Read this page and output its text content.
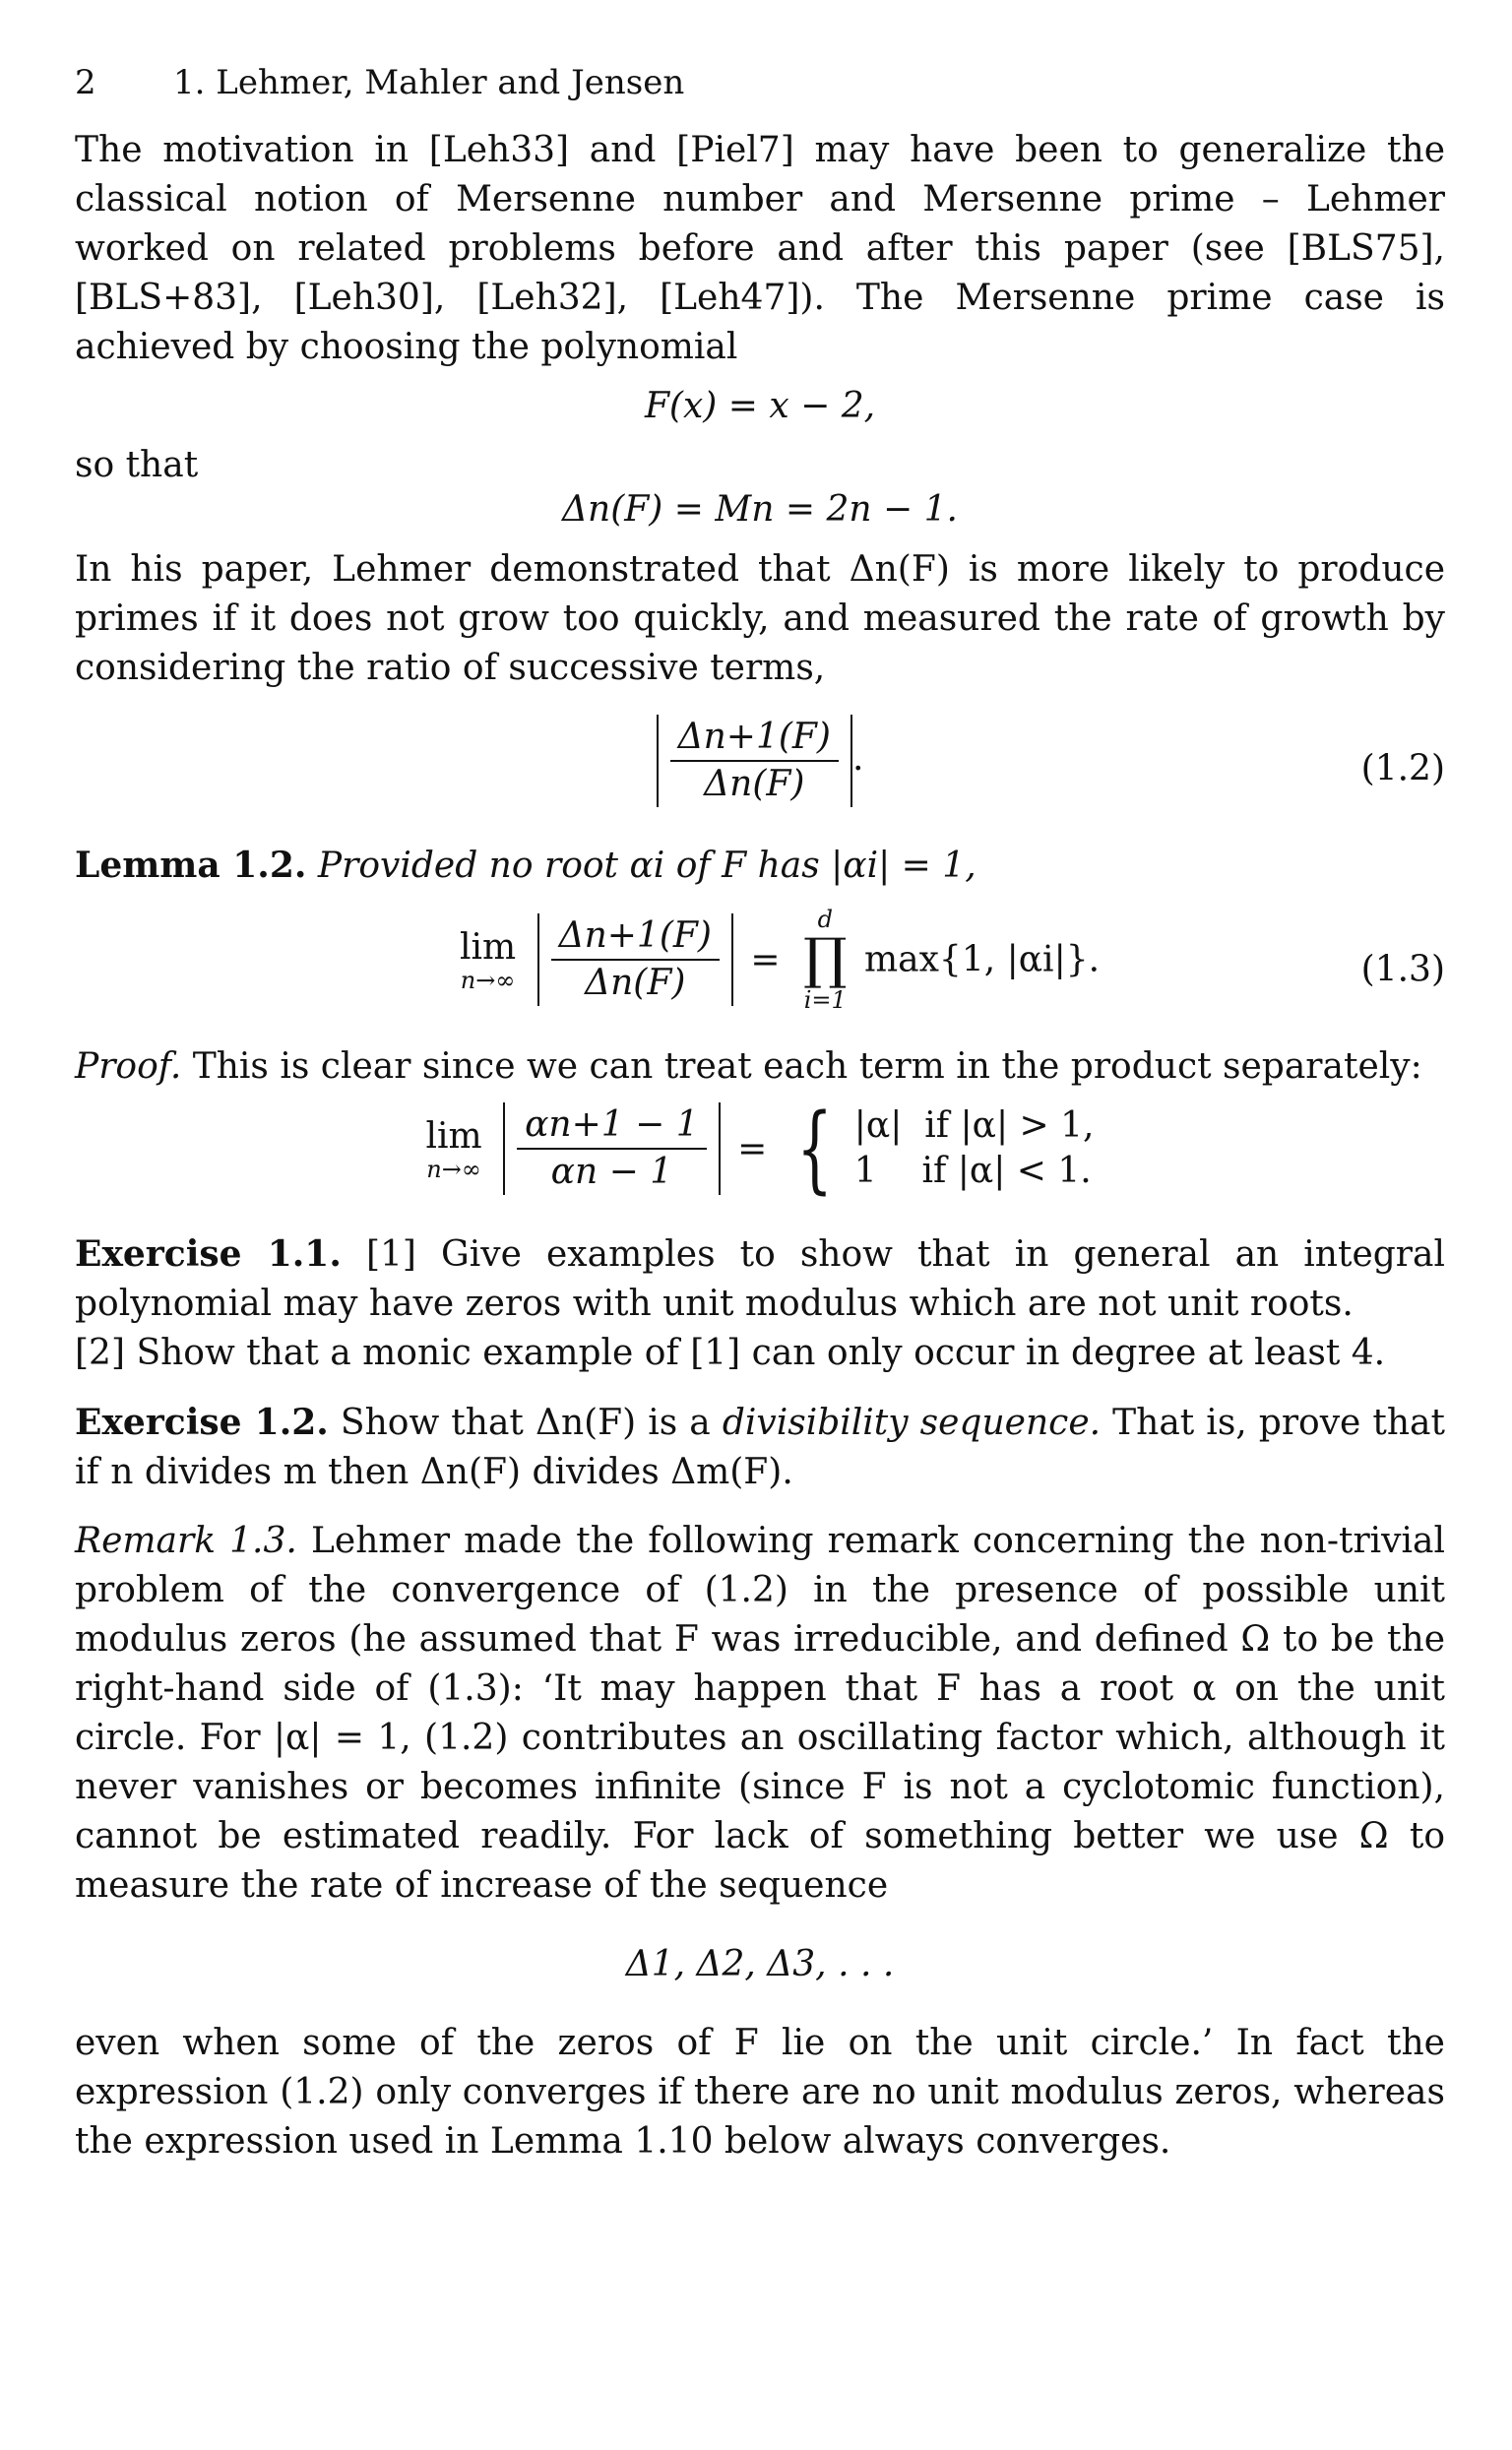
2 1. Lehmer, Mahler and Jensen

The motivation in [Leh33] and [Piel7] may have been to generalize the classical notion of Mersenne number and Mersenne prime – Lehmer worked on related problems before and after this paper (see [BLS75], [BLS+83], [Leh30], [Leh32], [Leh47]). The Mersenne prime case is achieved by choosing the polynomial

F(x) = x − 2,

so that

Δn(F) = Mn = 2n − 1.

In his paper, Lehmer demonstrated that Δn(F) is more likely to produce primes if it does not grow too quickly, and measured the rate of growth by considering the ratio of successive terms,

$\frac{\Delta n+1(F)}{\Delta n(F)}$ .	(1.2)

Lemma 1.2. Provided no root αi of F has |αi| = 1,

lim
n→∞
$\frac{\Delta n+1(F)}{\Delta n(F)}$ =
d
∏
i=1
max{1, |αi|}.	(1.3)

Proof. This is clear since we can treat each term in the product separately:

lim
n→∞
$\frac{\alpha n+1 - 1}{\alpha n - 1}$ = { |α|  if |α| > 1,
1    if |α| < 1.

Exercise 1.1. [1] Give examples to show that in general an integral polynomial may have zeros with unit modulus which are not unit roots.

[2] Show that a monic example of [1] can only occur in degree at least 4.

Exercise 1.2. Show that Δn(F) is a divisibility sequence. That is, prove that if n divides m then Δn(F) divides Δm(F).

Remark 1.3. Lehmer made the following remark concerning the non-trivial problem of the convergence of (1.2) in the presence of possible unit modulus zeros (he assumed that F was irreducible, and defined Ω to be the right-hand side of (1.3): ‘It may happen that F has a root α on the unit circle. For |α| = 1, (1.2) contributes an oscillating factor which, although it never vanishes or becomes infinite (since F is not a cyclotomic function), cannot be estimated readily. For lack of something better we use Ω to measure the rate of increase of the sequence

Δ1, Δ2, Δ3, . . .

even when some of the zeros of F lie on the unit circle.’ In fact the expression (1.2) only converges if there are no unit modulus zeros, whereas the expression used in Lemma 1.10 below always converges.
